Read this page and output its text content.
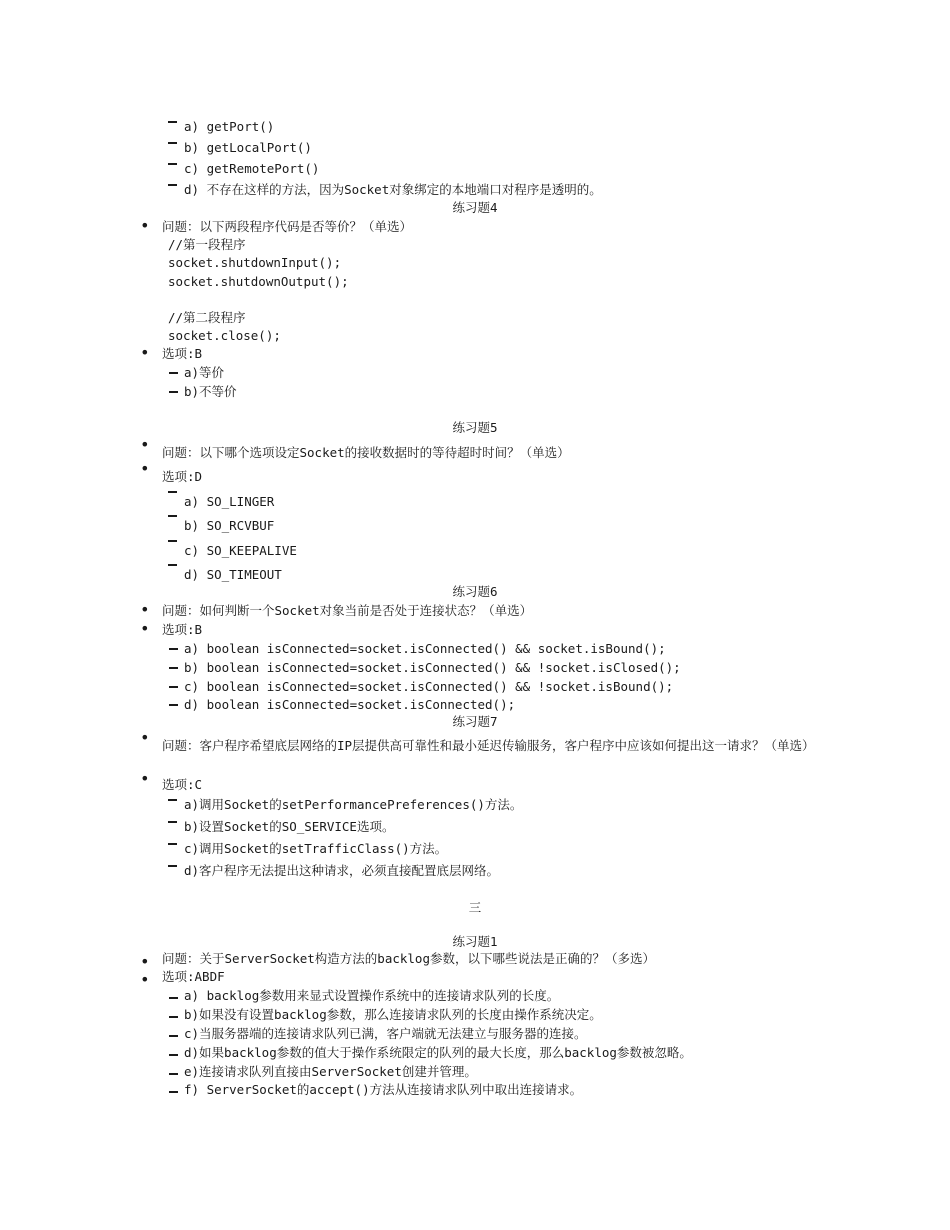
a) getPort()
b) getLocalPort()
c) getRemotePort()
d) 不存在这样的方法，因为Socket对象绑定的本地端口对程序是透明的。
练习题4
• 问题：以下两段程序代码是否等价？（单选）
//第一段程序
socket.shutdownInput();
socket.shutdownOutput();
//第二段程序
socket.close();
• 选项:B
a)等价
b)不等价
练习题5
• 问题：以下哪个选项设定Socket的接收数据时的等待超时时间？（单选）
• 选项:D
a) SO_LINGER
b) SO_RCVBUF
c) SO_KEEPALIVE
d) SO_TIMEOUT
练习题6
• 问题：如何判断一个Socket对象当前是否处于连接状态？（单选）
• 选项:B
a) boolean isConnected=socket.isConnected() && socket.isBound();
b) boolean isConnected=socket.isConnected() && !socket.isClosed();
c) boolean isConnected=socket.isConnected() && !socket.isBound();
d) boolean isConnected=socket.isConnected();
练习题7
• 问题：客户程序希望底层网络的IP层提供高可靠性和最小延迟传输服务，客户程序中应该如何提出这一请求？（单选）
• 选项:C
a)调用Socket的setPerformancePreferences()方法。
b)设置Socket的SO_SERVICE选项。
c)调用Socket的setTrafficClass()方法。
d)客户程序无法提出这种请求，必须直接配置底层网络。
三
练习题1
• 问题：关于ServerSocket构造方法的backlog参数，以下哪些说法是正确的？（多选）
• 选项:ABDF
a) backlog参数用来显式设置操作系统中的连接请求队列的长度。
b)如果没有设置backlog参数，那么连接请求队列的长度由操作系统决定。
c)当服务器端的连接请求队列已满，客户端就无法建立与服务器的连接。
d)如果backlog参数的值大于操作系统限定的队列的最大长度，那么backlog参数被忽略。
e)连接请求队列直接由ServerSocket创建并管理。
f) ServerSocket的accept()方法从连接请求队列中取出连接请求。
